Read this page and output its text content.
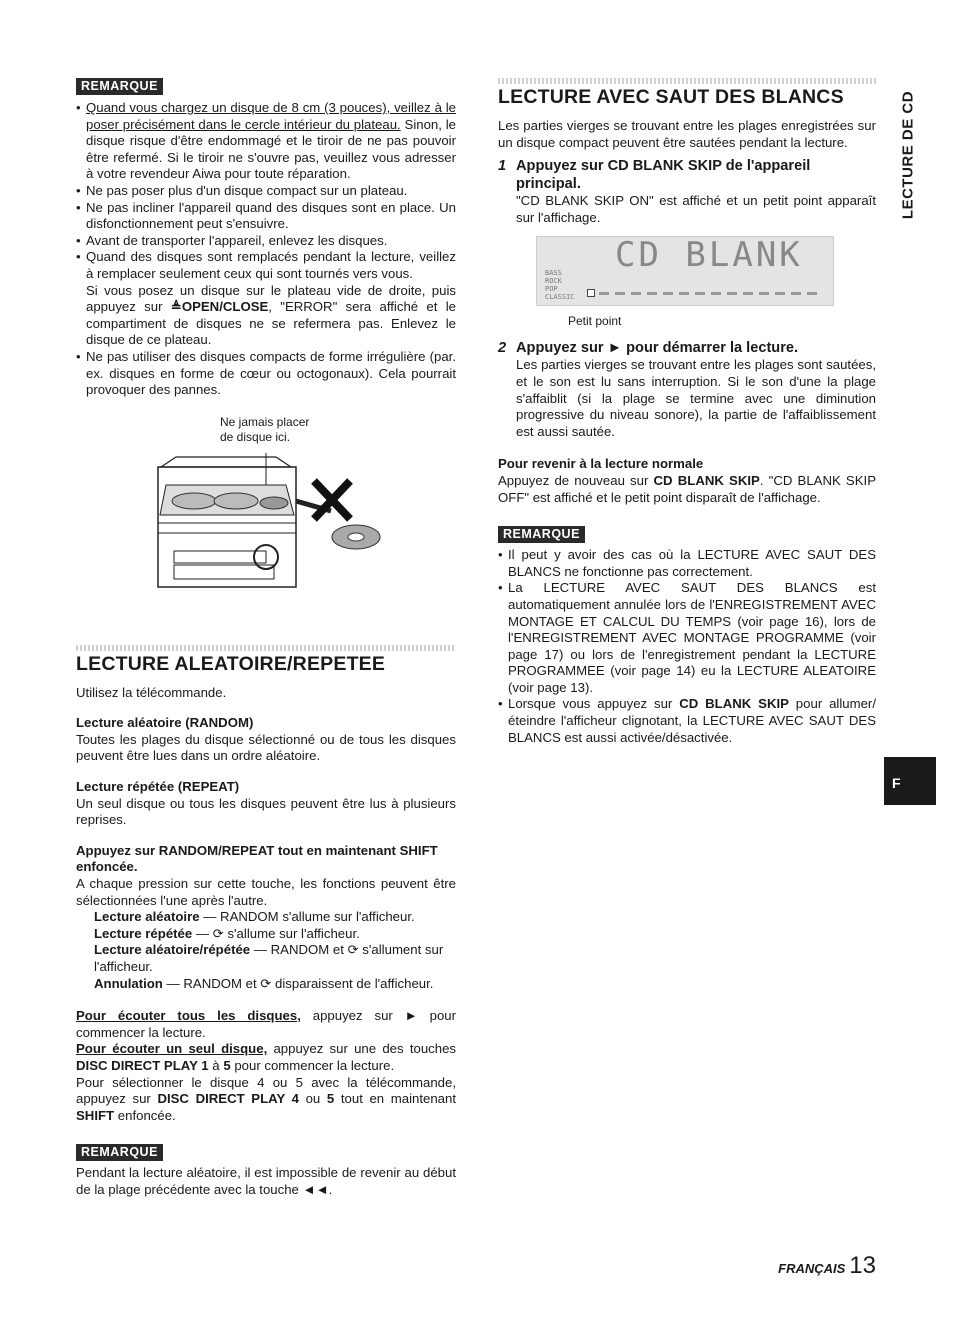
REMARQUE
• Quand vous chargez un disque de 8 cm (3 pouces), veillez à le poser précisément dans le cercle intérieur du plateau. Sinon, le disque risque d'être endommagé et le tiroir de ne pas pouvoir être refermé. Si le tiroir ne s'ouvre pas, veuillez vous adresser à votre revendeur Aiwa pour toute réparation.
• Ne pas poser plus d'un disque compact sur un plateau.
• Ne pas incliner l'appareil quand des disques sont en place. Un disfonctionnement peut s'ensuivre.
• Avant de transporter l'appareil, enlevez les disques.
• Quand des disques sont remplacés pendant la lecture, veillez à remplacer seulement ceux qui sont tournés vers vous.
Si vous posez un disque sur le plateau vide de droite, puis appuyez sur ≜OPEN/CLOSE, "ERROR" sera affiché et le compartiment de disques ne se refermera pas. Enlevez le disque de ce plateau.
• Ne pas utiliser des disques compacts de forme irrégulière (par. ex. disques en forme de cœur ou octogonaux). Cela pourrait provoquer des pannes.
Ne jamais placer
de disque ici.
LECTURE ALEATOIRE/REPETEE

Utilisez la télécommande.

Lecture aléatoire (RANDOM)

Toutes les plages du disque sélectionné ou de tous les disques peuvent être lues dans un ordre aléatoire.

Lecture répétée (REPEAT)

Un seul disque ou tous les disques peuvent être lus à plusieurs reprises.

Appuyez sur RANDOM/REPEAT tout en maintenant SHIFT enfoncée.

A chaque pression sur cette touche, les fonctions peuvent être sélectionnées l'une après l'autre.

Lecture aléatoire — RANDOM s'allume sur l'afficheur.
Lecture répétée — ⟳ s'allume sur l'afficheur.
Lecture aléatoire/répétée — RANDOM et ⟳ s'allument sur l'afficheur.
Annulation — RANDOM et ⟳ disparaissent de l'afficheur.

Pour écouter tous les disques, appuyez sur ► pour commencer la lecture.

Pour écouter un seul disque, appuyez sur une des touches DISC DIRECT PLAY 1 à 5 pour commencer la lecture.

Pour sélectionner le disque 4 ou 5 avec la télécommande, appuyez sur DISC DIRECT PLAY 4 ou 5 tout en maintenant SHIFT enfoncée.

REMARQUE

Pendant la lecture aléatoire, il est impossible de revenir au début de la plage précédente avec la touche ◄◄.

LECTURE AVEC SAUT DES BLANCS

Les parties vierges se trouvant entre les plages enregistrées sur un disque compact peuvent être sautées pendant la lecture.

1 Appuyez sur CD BLANK SKIP de l'appareil principal.

"CD BLANK SKIP ON" est affiché et un petit point apparaît sur l'affichage.

CD BLANK
BASS
ROCK
POP
CLASSIC
Petit point
2 Appuyez sur ► pour démarrer la lecture.

Les parties vierges se trouvant entre les plages sont sautées, et le son est lu sans interruption. Si le son d'une la plage s'affaiblit (si la plage se termine avec une diminution progressive du niveau sonore), la partie de l'affaiblissement est aussi sautée.

Pour revenir à la lecture normale

Appuyez de nouveau sur CD BLANK SKIP. "CD BLANK SKIP OFF" est affiché et le petit point disparaît de l'affichage.

REMARQUE
• Il peut y avoir des cas où la LECTURE AVEC SAUT DES BLANCS ne fonctionne pas correctement.
• La LECTURE AVEC SAUT DES BLANCS est automatiquement annulée lors de l'ENREGISTREMENT AVEC MONTAGE ET CALCUL DU TEMPS (voir page 16), lors de l'ENREGISTREMENT AVEC MONTAGE PROGRAMME (voir page 17) ou lors de l'enregistrement pendant la LECTURE PROGRAMMEE (voir page 14) eu la LECTURE ALEATOIRE (voir page 13).
• Lorsque vous appuyez sur CD BLANK SKIP pour allumer/ éteindre l'afficheur clignotant, la LECTURE AVEC SAUT DES BLANCS est aussi activée/désactivée.
LECTURE DE CD
F
FRANÇAIS 13
